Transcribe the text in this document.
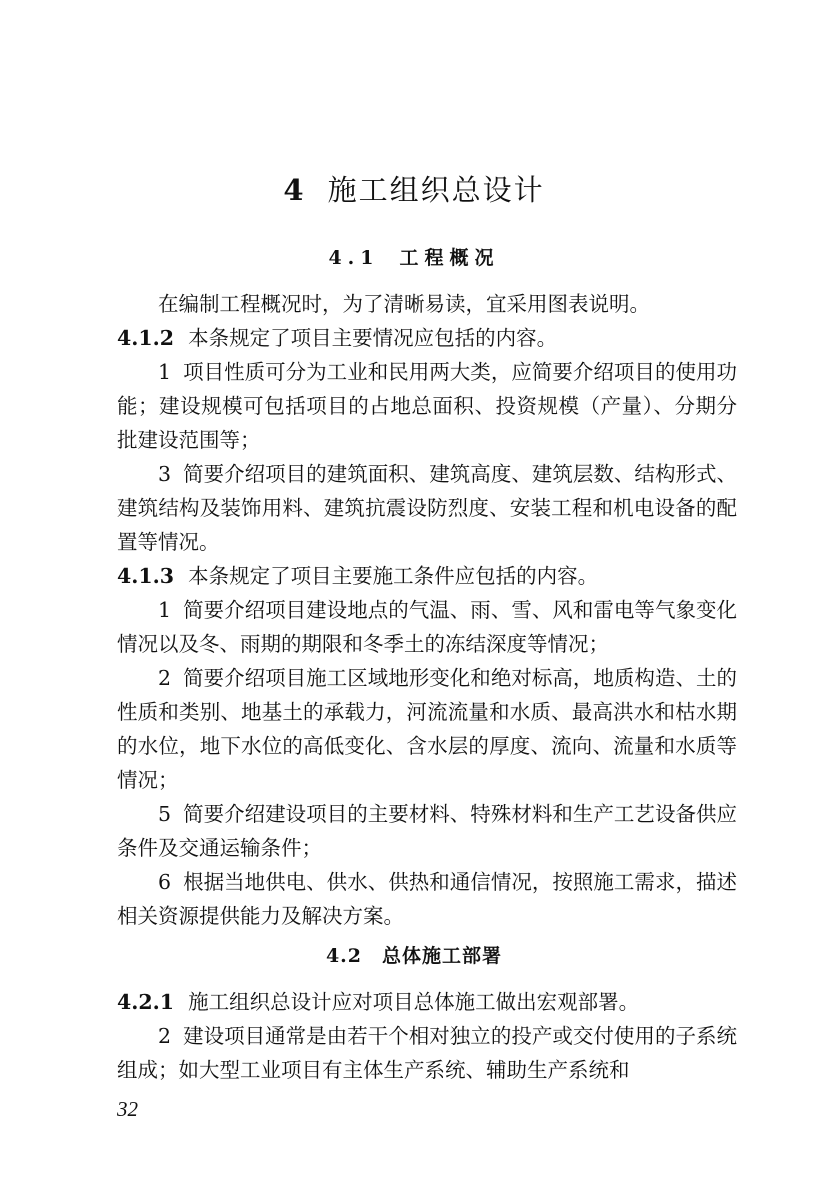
4 施工组织总设计
4.1 工程概况

在编制工程概况时，为了清晰易读，宜采用图表说明。

4.1.2 本条规定了项目主要情况应包括的内容。

1 项目性质可分为工业和民用两大类，应简要介绍项目的使用功能；建设规模可包括项目的占地总面积、投资规模（产量）、分期分批建设范围等；

3 简要介绍项目的建筑面积、建筑高度、建筑层数、结构形式、建筑结构及装饰用料、建筑抗震设防烈度、安装工程和机电设备的配置等情况。

4.1.3 本条规定了项目主要施工条件应包括的内容。

1 简要介绍项目建设地点的气温、雨、雪、风和雷电等气象变化情况以及冬、雨期的期限和冬季土的冻结深度等情况；

2 简要介绍项目施工区域地形变化和绝对标高，地质构造、土的性质和类别、地基土的承载力，河流流量和水质、最高洪水和枯水期的水位，地下水位的高低变化、含水层的厚度、流向、流量和水质等情况；

5 简要介绍建设项目的主要材料、特殊材料和生产工艺设备供应条件及交通运输条件；

6 根据当地供电、供水、供热和通信情况，按照施工需求，描述相关资源提供能力及解决方案。

4.2 总体施工部署

4.2.1 施工组织总设计应对项目总体施工做出宏观部署。

2 建设项目通常是由若干个相对独立的投产或交付使用的子系统组成；如大型工业项目有主体生产系统、辅助生产系统和

32
